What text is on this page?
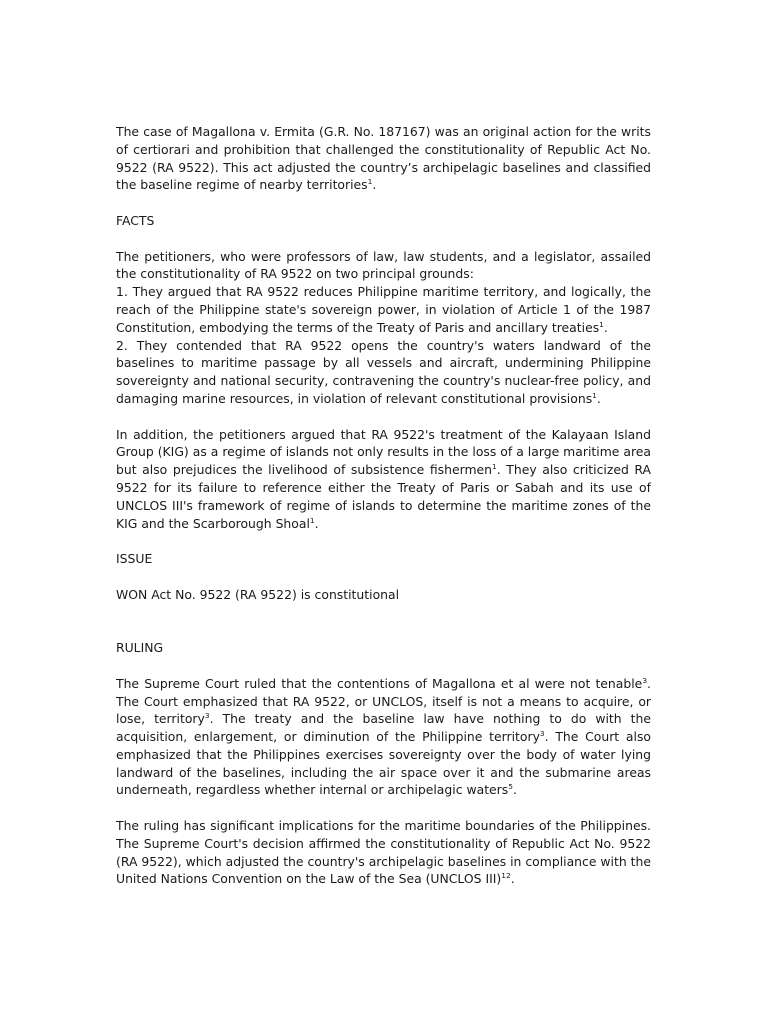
The case of Magallona v. Ermita (G.R. No. 187167) was an original action for the writs of certiorari and prohibition that challenged the constitutionality of Republic Act No. 9522 (RA 9522). This act adjusted the country’s archipelagic baselines and classified the baseline regime of nearby territories$^1$.

FACTS

The petitioners, who were professors of law, law students, and a legislator, assailed the constitutionality of RA 9522 on two principal grounds:

1. They argued that RA 9522 reduces Philippine maritime territory, and logically, the reach of the Philippine state's sovereign power, in violation of Article 1 of the 1987 Constitution, embodying the terms of the Treaty of Paris and ancillary treaties$^1$.

2. They contended that RA 9522 opens the country's waters landward of the baselines to maritime passage by all vessels and aircraft, undermining Philippine sovereignty and national security, contravening the country's nuclear-free policy, and damaging marine resources, in violation of relevant constitutional provisions$^1$.

In addition, the petitioners argued that RA 9522's treatment of the Kalayaan Island Group (KIG) as a regime of islands not only results in the loss of a large maritime area but also prejudices the livelihood of subsistence fishermen$^1$. They also criticized RA 9522 for its failure to reference either the Treaty of Paris or Sabah and its use of UNCLOS III's framework of regime of islands to determine the maritime zones of the KIG and the Scarborough Shoal$^1$.

ISSUE

WON Act No. 9522 (RA 9522) is constitutional

RULING

The Supreme Court ruled that the contentions of Magallona et al were not tenable$^3$. The Court emphasized that RA 9522, or UNCLOS, itself is not a means to acquire, or lose, territory$^3$. The treaty and the baseline law have nothing to do with the acquisition, enlargement, or diminution of the Philippine territory$^3$. The Court also emphasized that the Philippines exercises sovereignty over the body of water lying landward of the baselines, including the air space over it and the submarine areas underneath, regardless whether internal or archipelagic waters$^5$.

The ruling has significant implications for the maritime boundaries of the Philippines. The Supreme Court's decision affirmed the constitutionality of Republic Act No. 9522 (RA 9522), which adjusted the country's archipelagic baselines in compliance with the United Nations Convention on the Law of the Sea (UNCLOS III)$^{12}$.
